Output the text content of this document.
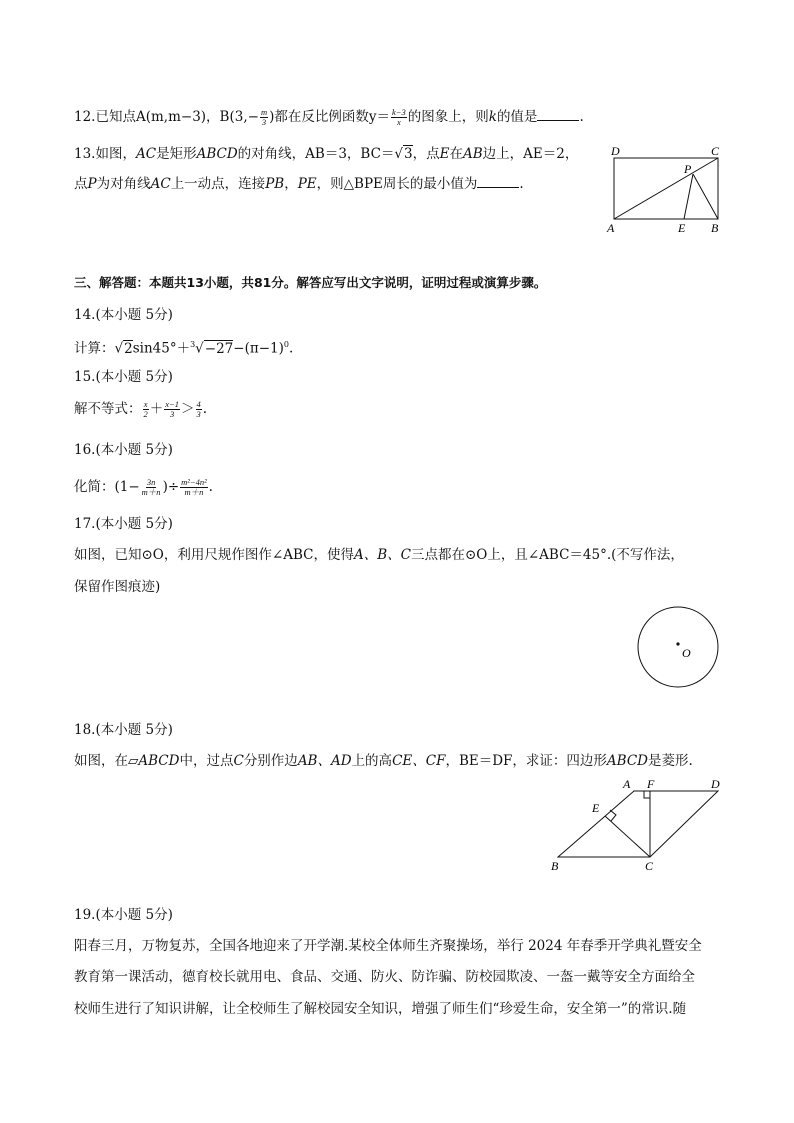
12.已知点A(m,m−3)，$B(3,- \frac{m}{3}$ )都在反比例函数$y= \frac{k-3}{x}$ 的图象上，则k的值是	.
13.如图，AC是矩形ABCD的对角线，AB＝3，BC＝√3，点E在AB边上，AE＝2，
点P为对角线AC上一动点，连接PB，PE，则△BPE周长的最小值为	.
D	C
P
A	E B
三、解答题：本题共13小题，共81分。解答应写出文字说明，证明过程或演算步骤。
14.(本小题 5分)
计算：$√2\sin 45^\circ+^3√-27-(\pi-1)^0$.
15.(本小题 5分)
解不等式： $\frac{x}{2} + \frac{x-1}{3} > \frac{4}{3}$ .
16.(本小题 5分)
化简：($1- \frac{3n}{m+n}$ )÷ $\frac{\text{m²−4n²}}{m+n}$ .
17.(本小题 5分)
如图，已知⊙O，利用尺规作图作∠ABC，使得A、B、C三点都在⊙O上，且∠ABC＝45°.(不写作法，
保留作图痕迹)
O
18.(本小题 5分)
如图，在▱ABCD中，过点C分别作边AB、AD上的高CE、CF，BE＝DF，求证：四边形ABCD是菱形.
A F	D
E
B	C
19.(本小题 5分)
阳春三月，万物复苏，全国各地迎来了开学潮.某校全体师生齐聚操场，举行 2024 年春季开学典礼暨安全
教育第一课活动，德育校长就用电、食品、交通、防火、防诈骗、防校园欺凌、一盔一戴等安全方面给全
校师生进行了知识讲解，让全校师生了解校园安全知识，增强了师生们“珍爱生命，安全第一”的常识.随
